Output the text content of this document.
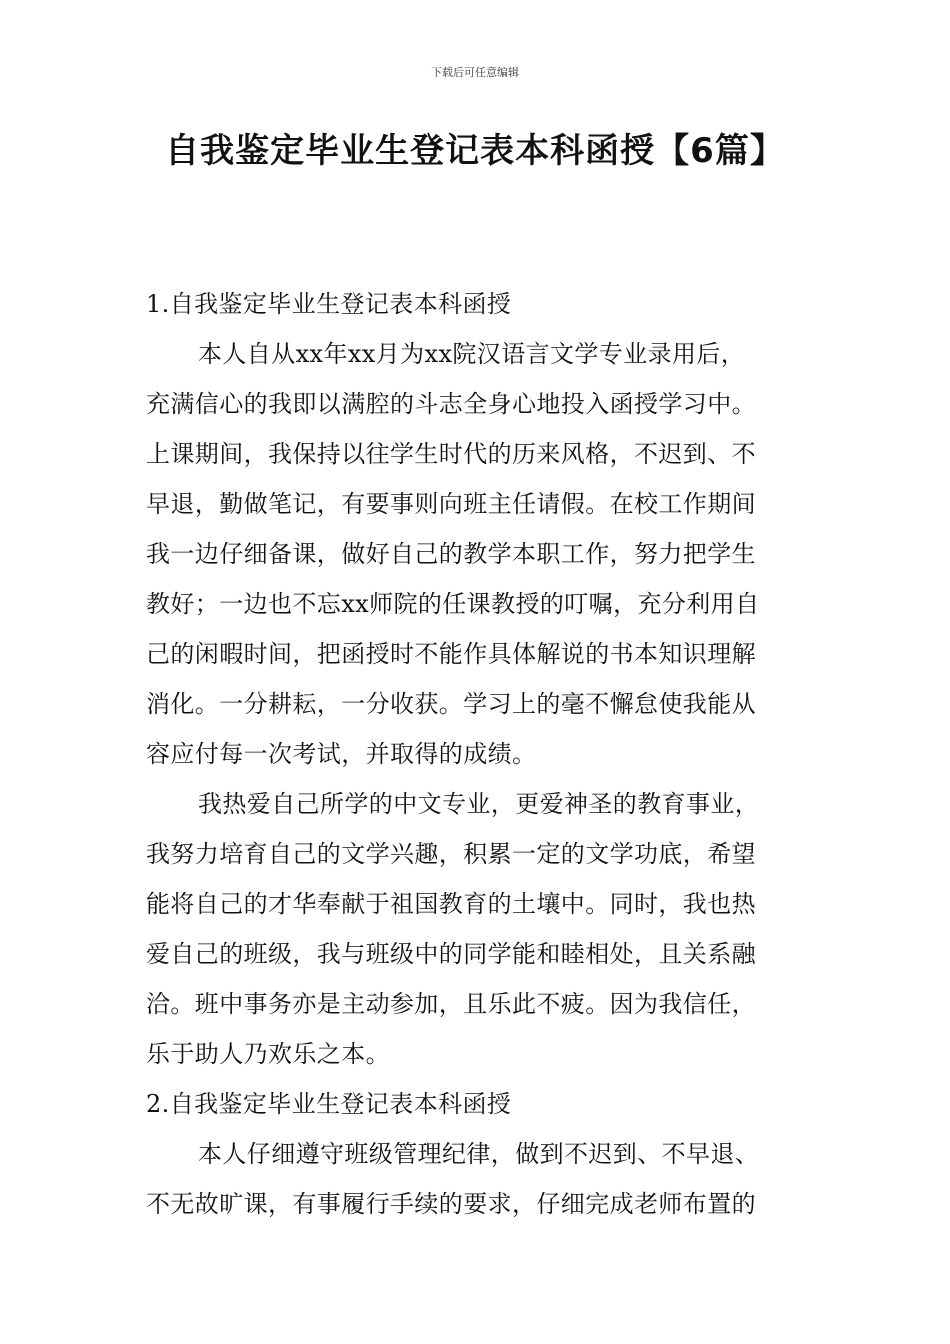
下载后可任意编辑
自我鉴定毕业生登记表本科函授【6篇】
1.自我鉴定毕业生登记表本科函授
本人自从xx年xx月为xx院汉语言文学专业录用后，
充满信心的我即以满腔的斗志全身心地投入函授学习中。
上课期间，我保持以往学生时代的历来风格，不迟到、不
早退，勤做笔记，有要事则向班主任请假。在校工作期间
我一边仔细备课，做好自己的教学本职工作，努力把学生
教好；一边也不忘xx师院的任课教授的叮嘱，充分利用自
己的闲暇时间，把函授时不能作具体解说的书本知识理解
消化。一分耕耘，一分收获。学习上的毫不懈怠使我能从
容应付每一次考试，并取得的成绩。
我热爱自己所学的中文专业，更爱神圣的教育事业，
我努力培育自己的文学兴趣，积累一定的文学功底，希望
能将自己的才华奉献于祖国教育的土壤中。同时，我也热
爱自己的班级，我与班级中的同学能和睦相处，且关系融
洽。班中事务亦是主动参加，且乐此不疲。因为我信任，
乐于助人乃欢乐之本。
2.自我鉴定毕业生登记表本科函授
本人仔细遵守班级管理纪律，做到不迟到、不早退、
不无故旷课，有事履行手续的要求，仔细完成老师布置的
